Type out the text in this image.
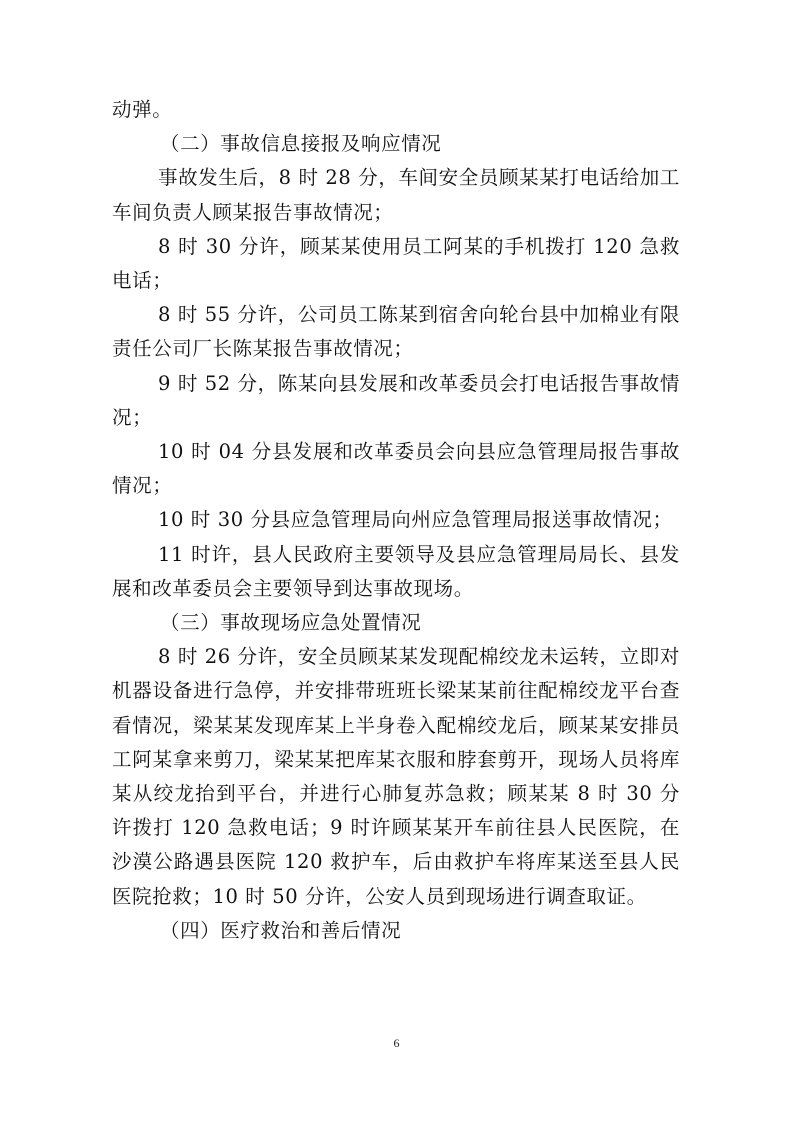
动弹。

（二）事故信息接报及响应情况

事故发生后，8 时 28 分，车间安全员顾某某打电话给加工车间负责人顾某报告事故情况；

8 时 30 分许，顾某某使用员工阿某的手机拨打 120 急救电话；

8 时 55 分许，公司员工陈某到宿舍向轮台县中加棉业有限责任公司厂长陈某报告事故情况；

9 时 52 分，陈某向县发展和改革委员会打电话报告事故情况；

10 时 04 分县发展和改革委员会向县应急管理局报告事故情况；

10 时 30 分县应急管理局向州应急管理局报送事故情况；

11 时许，县人民政府主要领导及县应急管理局局长、县发展和改革委员会主要领导到达事故现场。

（三）事故现场应急处置情况

8 时 26 分许，安全员顾某某发现配棉绞龙未运转，立即对机器设备进行急停，并安排带班班长梁某某前往配棉绞龙平台查看情况，梁某某发现库某上半身卷入配棉绞龙后，顾某某安排员工阿某拿来剪刀，梁某某把库某衣服和脖套剪开，现场人员将库某从绞龙抬到平台，并进行心肺复苏急救；顾某某 8 时 30 分许拨打 120 急救电话；9 时许顾某某开车前往县人民医院，在沙漠公路遇县医院 120 救护车，后由救护车将库某送至县人民医院抢救；10 时 50 分许，公安人员到现场进行调查取证。

（四）医疗救治和善后情况

6
